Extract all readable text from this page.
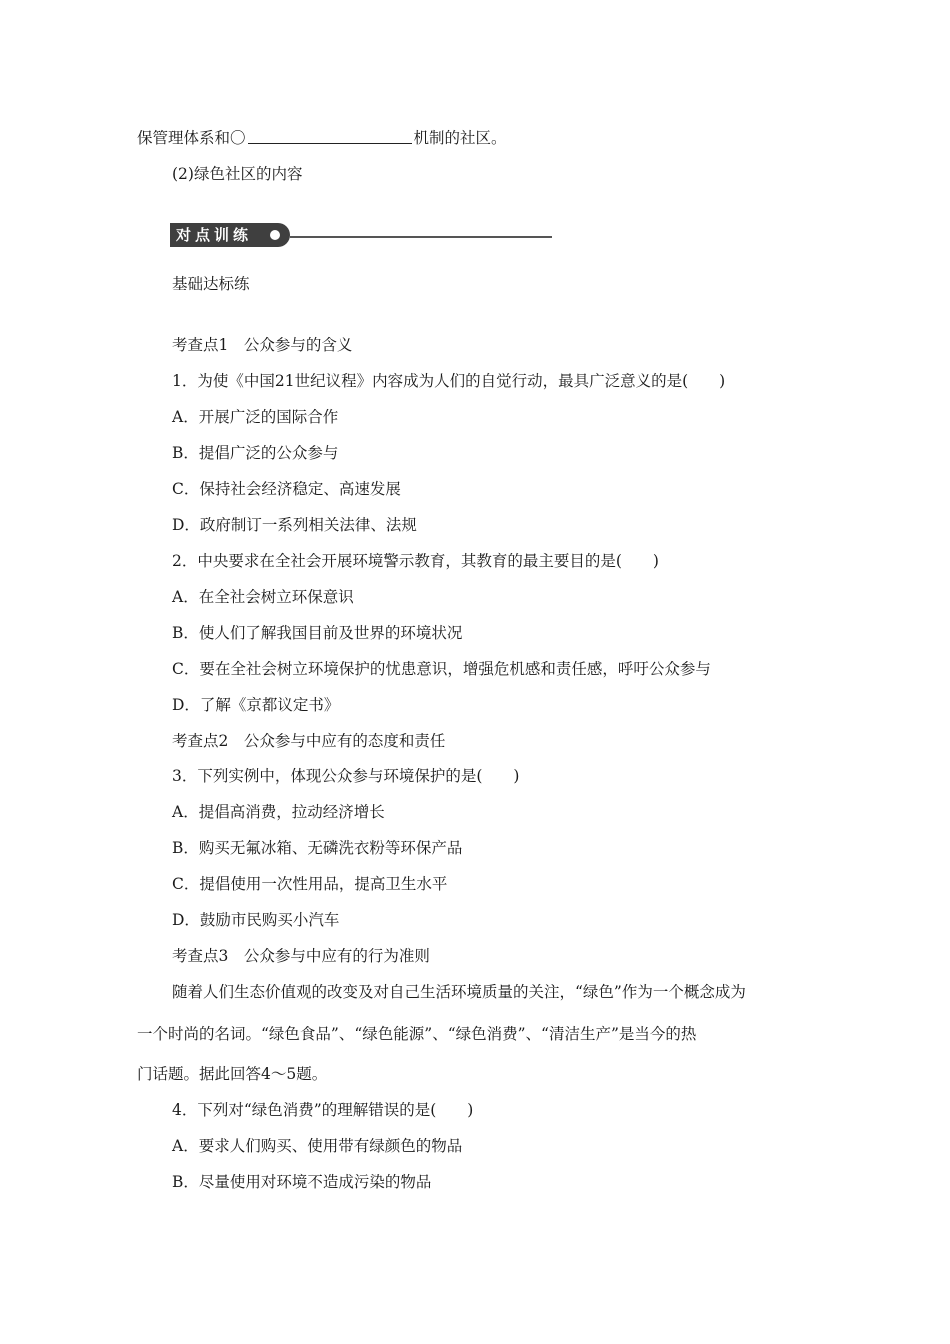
保管理体系和〇	机制的社区。
(2)绿色社区的内容
对点训练
基础达标练
考查点1　公众参与的含义
1．为使《中国21世纪议程》内容成为人们的自觉行动，最具广泛意义的是(　　)
A．开展广泛的国际合作
B．提倡广泛的公众参与
C．保持社会经济稳定、高速发展
D．政府制订一系列相关法律、法规
2．中央要求在全社会开展环境警示教育，其教育的最主要目的是(　　)
A．在全社会树立环保意识
B．使人们了解我国目前及世界的环境状况
C．要在全社会树立环境保护的忧患意识，增强危机感和责任感，呼吁公众参与
D．了解《京都议定书》
考查点2　公众参与中应有的态度和责任
3．下列实例中，体现公众参与环境保护的是(　　)
A．提倡高消费，拉动经济增长
B．购买无氟冰箱、无磷洗衣粉等环保产品
C．提倡使用一次性用品，提高卫生水平
D．鼓励市民购买小汽车
考查点3　公众参与中应有的行为准则
随着人们生态价值观的改变及对自己生活环境质量的关注，“绿色”作为一个概念成为
一个时尚的名词。“绿色食品”、“绿色能源”、“绿色消费”、“清洁生产”是当今的热
门话题。据此回答4～5题。
4．下列对“绿色消费”的理解错误的是(　　)
A．要求人们购买、使用带有绿颜色的物品
B．尽量使用对环境不造成污染的物品
